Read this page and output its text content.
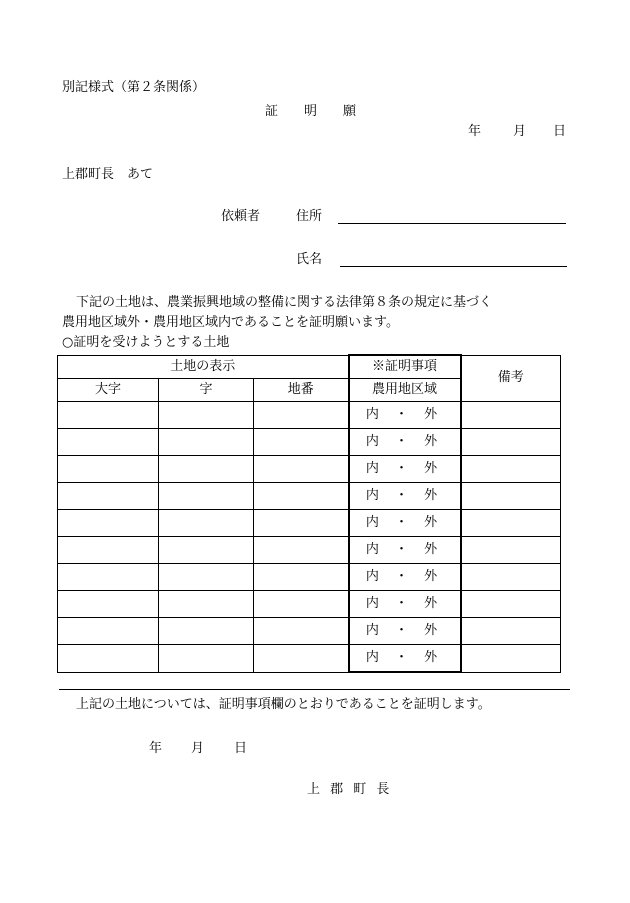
別記様式（第２条関係）
証明願
年 月 日
上郡町長　あて
依頼者	住所
氏名
下記の土地は、農業振興地域の整備に関する法律第８条の規定に基づく
農用地区域外・農用地区域内であることを証明願います。
○証明を受けようとする土地
土地の表示			※証明事項	備考
大字	字	地番	農用地区域	
			内 ・ 外	
			内 ・ 外	
			内 ・ 外	
			内 ・ 外	
			内 ・ 外	
			内 ・ 外	
			内 ・ 外	
			内 ・ 外	
			内 ・ 外	
			内 ・ 外	
上記の土地については、証明事項欄のとおりであることを証明します。
年 月 日
上 郡 町 長
